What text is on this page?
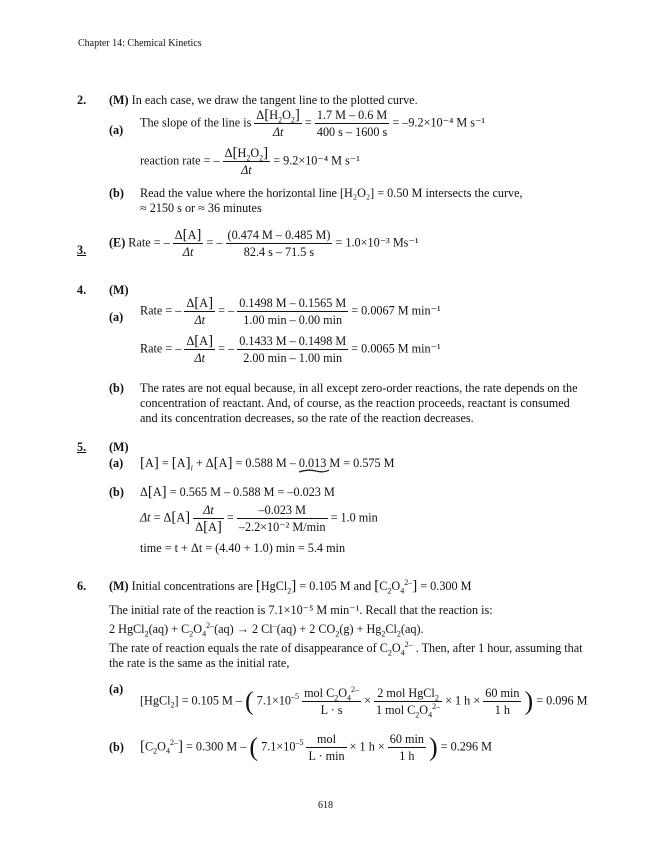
Chapter 14: Chemical Kinetics
2. (M) In each case, we draw the tangent line to the plotted curve.
(a)
The slope of the line is $\frac{\Delta[H_2O_2]}{\Delta t} = \frac{1.7 M - 0.6 M}{400 s - 1600 s} = -9.2\times 10^{-4}$ M s⁻¹
reaction rate = – $\frac{\Delta[H_2O_2]}{\Delta t} = 9.2\times 10^{-4}$ M s⁻¹
(b) Read the value where the horizontal line [H₂O₂] = 0.50 M intersects the curve,
≈ 2150 s or ≈ 36 minutes
3.
(E) Rate = – $\frac{\Delta[A]}{\Delta t}$ = – $\frac{(0.474 M - 0.485 M)}{82.4 s - 71.5 s} = 1.0\times 10^{-3}$ Ms⁻¹
4. (M)
(a) Rate = – $\frac{\Delta[A]}{\Delta t}$ = – $\frac{0.1498 M - 0.1565 M}{1.00 \min - 0.00 \min} = 0.0067$ M min⁻¹
Rate = – $\frac{\Delta[A]}{\Delta t}$ = – $\frac{0.1433 M - 0.1498 M}{2.00 \min - 1.00 \min} = 0.0065$ M min⁻¹
(b) The rates are not equal because, in all except zero-order reactions, the rate depends on the
concentration of reactant. And, of course, as the reaction proceeds, reactant is consumed
and its concentration decreases, so the rate of the reaction decreases.
5. (M)
(a) $[A] = [A]_i + \Delta[A] = 0.588$ M – 0.013 M = 0.575 M
(b) Δ[A] = 0.565 M – 0.588 M = –0.023 M
$\Delta t = \Delta[A] \frac{\Delta t}{\Delta[A]} = \frac{-0.023 M}{\text{–2.2×10⁻² M/min}} = 1.0$ min
time = t + Δt = (4.40 + 1.0) min = 5.4 min
6. (M) Initial concentrations are [HgCl$_2$] = 0.105 M and $[C_2O_4^{2-}] = 0.300$ M
The initial rate of the reaction is 7.1×10⁻⁵ M min⁻¹. Recall that the reaction is:
2 HgCl$_2$(aq) + $C_2O_4^{2-}(aq) \to 2$ Cl–(aq) + 2 $CO_2(g) + Hg_2Cl_2(aq)$.
The rate of reaction equals the rate of disappearance of $C_2O_4^{2-}$ . Then, after 1 hour, assuming that
the rate is the same as the initial rate,
(a)
[HgCl$_2$] = 0.105 M – ( $7.1\times 10^{-5} \frac{mol C_2O_4^{2-}}{L \cdot s} \times \frac{2 mol HgCl_2}{1 mol C_2O_4^{2-}} \times 1$ $h \times \frac{60 \min}{1 h}$ ) = 0.096 M
(b) $[C_2O_4^{2-}] = 0.300$ M – ( $7.1\times 10^{-5} \frac{\text{mol}}{L \cdot \min} \times 1$ $h \times \frac{60 \min}{1 h}$ ) = 0.296 M
618
